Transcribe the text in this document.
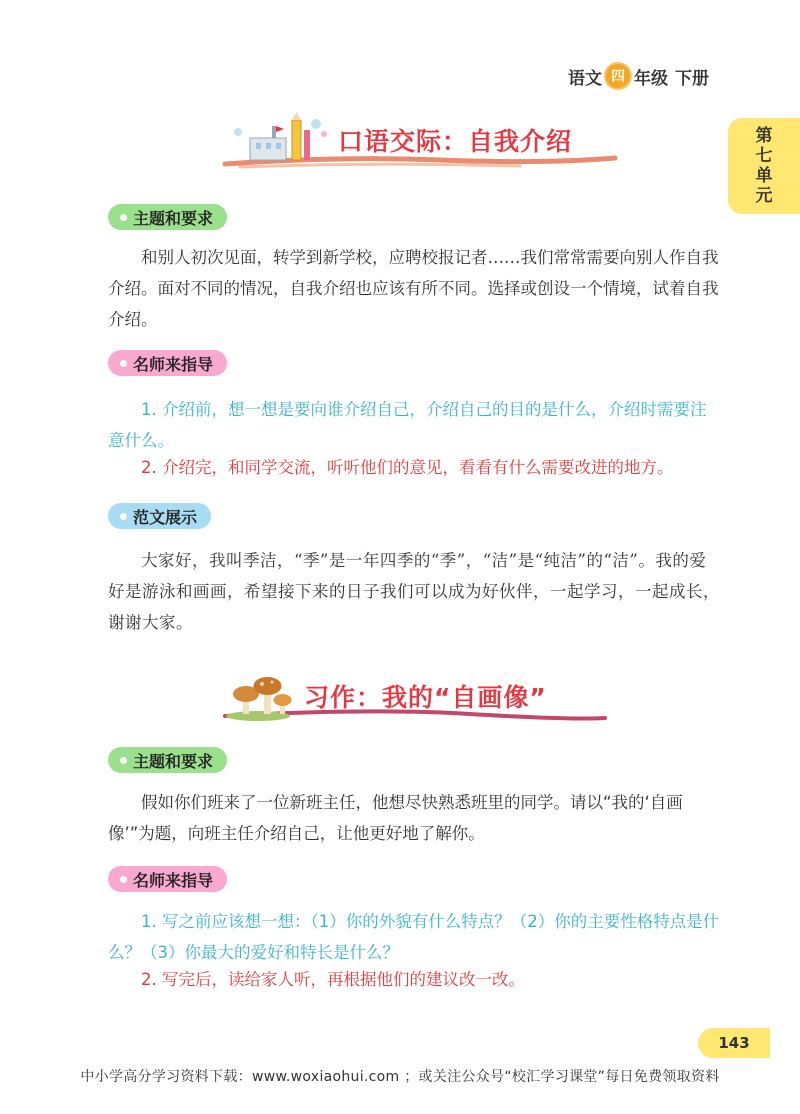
语文 四 年级 下册
第七单元
口语交际：自我介绍
主题和要求
和别人初次见面，转学到新学校，应聘校报记者……我们常常需要向别人作自我介绍。面对不同的情况，自我介绍也应该有所不同。选择或创设一个情境，试着自我介绍。
名师来指导
1. 介绍前，想一想是要向谁介绍自己，介绍自己的目的是什么，介绍时需要注意什么。
2. 介绍完，和同学交流，听听他们的意见，看看有什么需要改进的地方。
范文展示
大家好，我叫季洁，“季”是一年四季的“季”，“洁”是“纯洁”的“洁”。我的爱好是游泳和画画，希望接下来的日子我们可以成为好伙伴，一起学习，一起成长，谢谢大家。
习作：我的“自画像”
主题和要求
假如你们班来了一位新班主任，他想尽快熟悉班里的同学。请以“我的‘自画像’”为题，向班主任介绍自己，让他更好地了解你。
名师来指导
1. 写之前应该想一想：（1）你的外貌有什么特点？（2）你的主要性格特点是什么？（3）你最大的爱好和特长是什么？
2. 写完后，读给家人听，再根据他们的建议改一改。
143
中小学高分学习资料下载：www.woxiaohui.com ；或关注公众号“校汇学习课堂”每日免费领取资料
